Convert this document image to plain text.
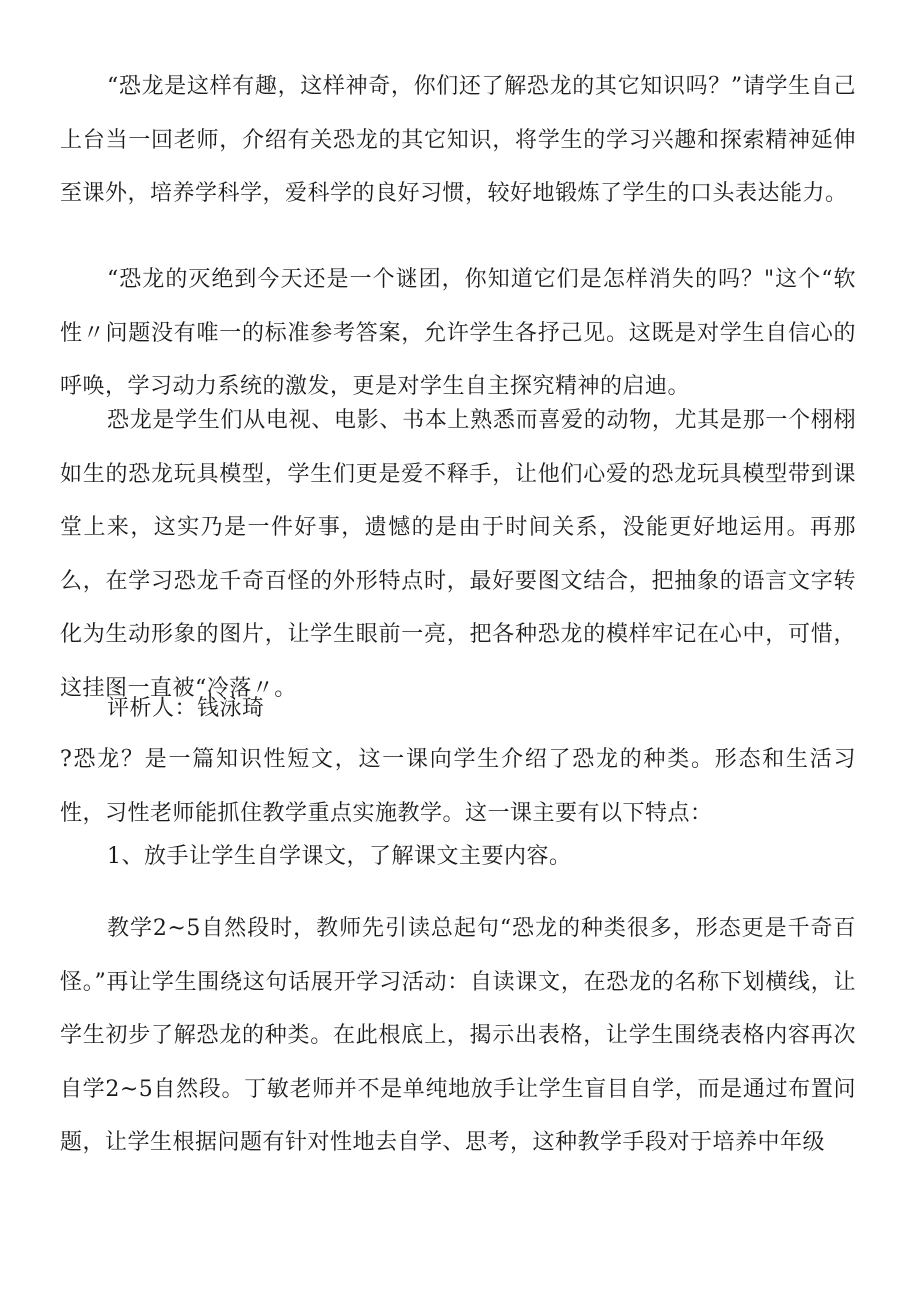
“恐龙是这样有趣，这样神奇，你们还了解恐龙的其它知识吗？”请学生自己上台当一回老师，介绍有关恐龙的其它知识，将学生的学习兴趣和探索精神延伸至课外，培养学科学，爱科学的良好习惯，较好地锻炼了学生的口头表达能力。

“恐龙的灭绝到今天还是一个谜团，你知道它们是怎样消失的吗？"这个“软性〃问题没有唯一的标准参考答案，允许学生各抒己见。这既是对学生自信心的呼唤，学习动力系统的激发，更是对学生自主探究精神的启迪。

恐龙是学生们从电视、电影、书本上熟悉而喜爱的动物，尤其是那一个栩栩如生的恐龙玩具模型，学生们更是爱不释手，让他们心爱的恐龙玩具模型带到课堂上来，这实乃是一件好事，遗憾的是由于时间关系，没能更好地运用。再那么，在学习恐龙千奇百怪的外形特点时，最好要图文结合，把抽象的语言文字转化为生动形象的图片，让学生眼前一亮，把各种恐龙的模样牢记在心中，可惜，这挂图一直被“冷落〃。

评析人：钱泳琦

?恐龙？是一篇知识性短文，这一课向学生介绍了恐龙的种类。形态和生活习性，习性老师能抓住教学重点实施教学。这一课主要有以下特点：

1、放手让学生自学课文，了解课文主要内容。

教学2~5自然段时，教师先引读总起句“恐龙的种类很多，形态更是千奇百怪。”再让学生围绕这句话展开学习活动：自读课文，在恐龙的名称下划横线，让学生初步了解恐龙的种类。在此根底上，揭示出表格，让学生围绕表格内容再次自学2~5自然段。丁敏老师并不是单纯地放手让学生盲目自学，而是通过布置问题，让学生根据问题有针对性地去自学、思考，这种教学手段对于培养中年级
